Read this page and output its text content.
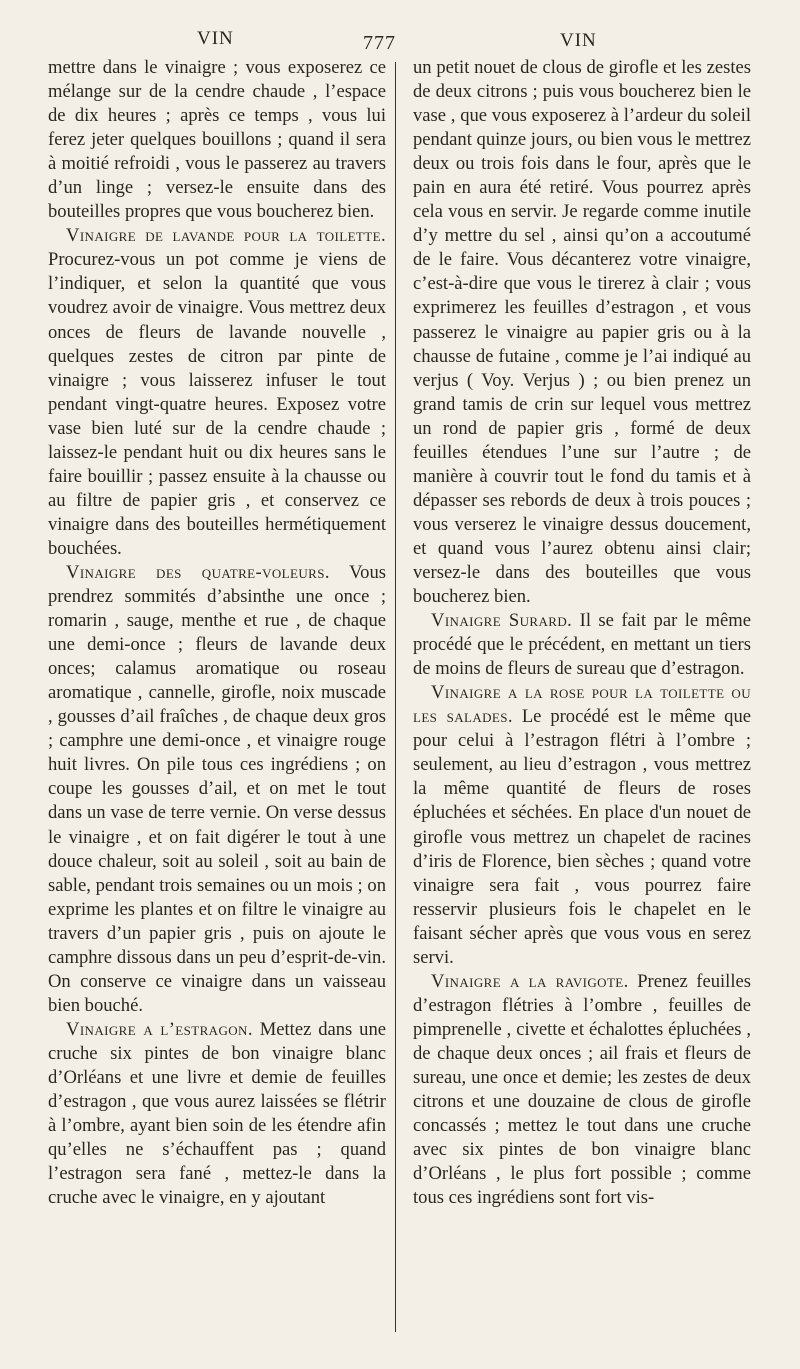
VIN	777	VIN

mettre dans le vinaigre ; vous exposerez ce mélange sur de la cendre chaude , l’espace de dix heures ; après ce temps , vous lui ferez jeter quelques bouillons ; quand il sera à moitié refroidi , vous le passerez au travers d’un linge ; versez-le ensuite dans des bouteilles propres que vous boucherez bien.

Vinaigre de lavande pour la toilette. Procurez-vous un pot comme je viens de l’indiquer, et selon la quantité que vous voudrez avoir de vinaigre. Vous mettrez deux onces de fleurs de lavande nouvelle , quelques zestes de citron par pinte de vinaigre ; vous laisserez infuser le tout pendant vingt-quatre heures. Exposez votre vase bien luté sur de la cendre chaude ; laissez-le pendant huit ou dix heures sans le faire bouillir ; passez ensuite à la chausse ou au filtre de papier gris , et conservez ce vinaigre dans des bouteilles hermétiquement bouchées.

Vinaigre des quatre-voleurs. Vous prendrez sommités d’absinthe une once ; romarin , sauge, menthe et rue , de chaque une demi-once ; fleurs de lavande deux onces; calamus aromatique ou roseau aromatique , cannelle, girofle, noix muscade , gousses d’ail fraîches , de chaque deux gros ; camphre une demi-once , et vinaigre rouge huit livres. On pile tous ces ingrédiens ; on coupe les gousses d’ail, et on met le tout dans un vase de terre vernie. On verse dessus le vinaigre , et on fait digérer le tout à une douce chaleur, soit au soleil , soit au bain de sable, pendant trois semaines ou un mois ; on exprime les plantes et on filtre le vinaigre au travers d’un papier gris , puis on ajoute le camphre dissous dans un peu d’esprit-de-vin. On conserve ce vinaigre dans un vaisseau bien bouché.

Vinaigre a l’estragon. Mettez dans une cruche six pintes de bon vinaigre blanc d’Orléans et une livre et demie de feuilles d’estragon , que vous aurez laissées se flétrir à l’ombre, ayant bien soin de les étendre afin qu’elles ne s’échauffent pas ; quand l’estragon sera fané , mettez-le dans la cruche avec le vinaigre, en y ajoutant

un petit nouet de clous de girofle et les zestes de deux citrons ; puis vous boucherez bien le vase , que vous exposerez à l’ardeur du soleil pendant quinze jours, ou bien vous le mettrez deux ou trois fois dans le four, après que le pain en aura été retiré. Vous pourrez après cela vous en servir. Je regarde comme inutile d’y mettre du sel , ainsi qu’on a accoutumé de le faire. Vous décanterez votre vinaigre, c’est-à-dire que vous le tirerez à clair ; vous exprimerez les feuilles d’estragon , et vous passerez le vinaigre au papier gris ou à la chausse de futaine , comme je l’ai indiqué au verjus ( Voy. Verjus ) ; ou bien prenez un grand tamis de crin sur lequel vous mettrez un rond de papier gris , formé de deux feuilles étendues l’une sur l’autre ; de manière à couvrir tout le fond du tamis et à dépasser ses rebords de deux à trois pouces ; vous verserez le vinaigre dessus doucement, et quand vous l’aurez obtenu ainsi clair; versez-le dans des bouteilles que vous boucherez bien.

Vinaigre Surard. Il se fait par le même procédé que le précédent, en mettant un tiers de moins de fleurs de sureau que d’estragon.

Vinaigre a la rose pour la toilette ou les salades. Le procédé est le même que pour celui à l’estragon flétri à l’ombre ; seulement, au lieu d’estragon , vous mettrez la même quantité de fleurs de roses épluchées et séchées. En place d'un nouet de girofle vous mettrez un chapelet de racines d’iris de Florence, bien sèches ; quand votre vinaigre sera fait , vous pourrez faire resservir plusieurs fois le chapelet en le faisant sécher après que vous vous en serez servi.

Vinaigre a la ravigote. Prenez feuilles d’estragon flétries à l’ombre , feuilles de pimprenelle , civette et échalottes épluchées , de chaque deux onces ; ail frais et fleurs de sureau, une once et demie; les zestes de deux citrons et une douzaine de clous de girofle concassés ; mettez le tout dans une cruche avec six pintes de bon vinaigre blanc d’Orléans , le plus fort possible ; comme tous ces ingrédiens sont fort vis-
